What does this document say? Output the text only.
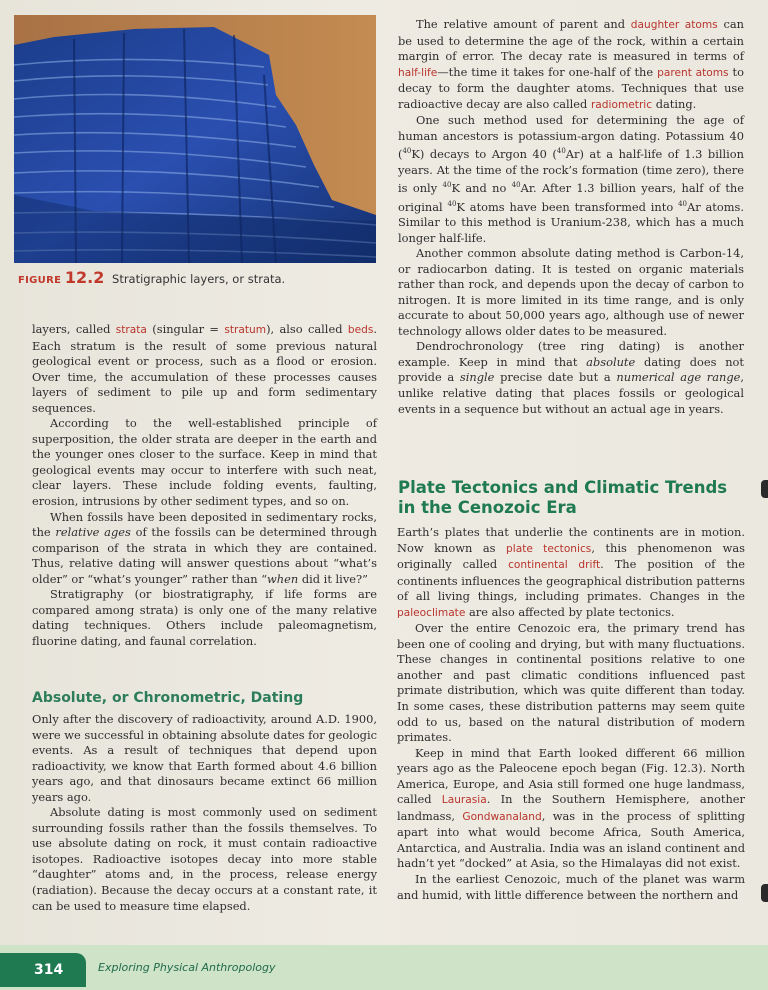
FIGURE 12.2 Stratigraphic layers, or strata.

layers, called strata (singular = stratum), also called beds. Each stratum is the result of some previous natural geological event or process, such as a flood or erosion. Over time, the accumulation of these processes causes layers of sediment to pile up and form sedimentary sequences.

According to the well-established principle of superposition, the older strata are deeper in the earth and the younger ones closer to the surface. Keep in mind that geological events may occur to interfere with such neat, clear layers. These include folding events, faulting, erosion, intrusions by other sediment types, and so on.

When fossils have been deposited in sedimentary rocks, the relative ages of the fossils can be determined through comparison of the strata in which they are contained. Thus, relative dating will answer questions about “what’s older” or “what’s younger” rather than “when did it live?”

Stratigraphy (or biostratigraphy, if life forms are compared among strata) is only one of the many relative dating techniques. Others include paleomagnetism, fluorine dating, and faunal correlation.

Absolute, or Chronometric, Dating

Only after the discovery of radioactivity, around A.D. 1900, were we successful in obtaining absolute dates for geologic events. As a result of techniques that depend upon radioactivity, we know that Earth formed about 4.6 billion years ago, and that dinosaurs became extinct 66 million years ago.

Absolute dating is most commonly used on sediment surrounding fossils rather than the fossils themselves. To use absolute dating on rock, it must contain radioactive isotopes. Radioactive isotopes decay into more stable “daughter” atoms and, in the process, release energy (radiation). Because the decay occurs at a constant rate, it can be used to measure time elapsed.

The relative amount of parent and daughter atoms can be used to determine the age of the rock, within a certain margin of error. The decay rate is measured in terms of half-life—the time it takes for one-half of the parent atoms to decay to form the daughter atoms. Techniques that use radioactive decay are also called radiometric dating.

One such method used for determining the age of human ancestors is potassium-argon dating. Potassium 40 ($^{40}$K) decays to Argon 40 ($^{40}$Ar) at a half-life of 1.3 billion years. At the time of the rock’s formation (time zero), there is only $^{40}$K and no $^{40}$Ar. After 1.3 billion years, half of the original $^{40}$K atoms have been transformed into $^{40}$Ar atoms. Similar to this method is Uranium-238, which has a much longer half-life.

Another common absolute dating method is Carbon-14, or radiocarbon dating. It is tested on organic materials rather than rock, and depends upon the decay of carbon to nitrogen. It is more limited in its time range, and is only accurate to about 50,000 years ago, although use of newer technology allows older dates to be measured.

Dendrochronology (tree ring dating) is another example. Keep in mind that absolute dating does not provide a single precise date but a numerical age range, unlike relative dating that places fossils or geological events in a sequence but without an actual age in years.

Plate Tectonics and Climatic Trends in the Cenozoic Era

Earth’s plates that underlie the continents are in motion. Now known as plate tectonics, this phenomenon was originally called continental drift. The position of the continents influences the geographical distribution patterns of all living things, including primates. Changes in the paleoclimate are also affected by plate tectonics.

Over the entire Cenozoic era, the primary trend has been one of cooling and drying, but with many fluctuations. These changes in continental positions relative to one another and past climatic conditions influenced past primate distribution, which was quite different than today. In some cases, these distribution patterns may seem quite odd to us, based on the natural distribution of modern primates.

Keep in mind that Earth looked different 66 million years ago as the Paleocene epoch began (Fig. 12.3). North America, Europe, and Asia still formed one huge landmass, called Laurasia. In the Southern Hemisphere, another landmass, Gondwanaland, was in the process of splitting apart into what would become Africa, South America, Antarctica, and Australia. India was an island continent and hadn’t yet “docked” at Asia, so the Himalayas did not exist.

In the earliest Cenozoic, much of the planet was warm and humid, with little difference between the northern and

314	Exploring Physical Anthropology
